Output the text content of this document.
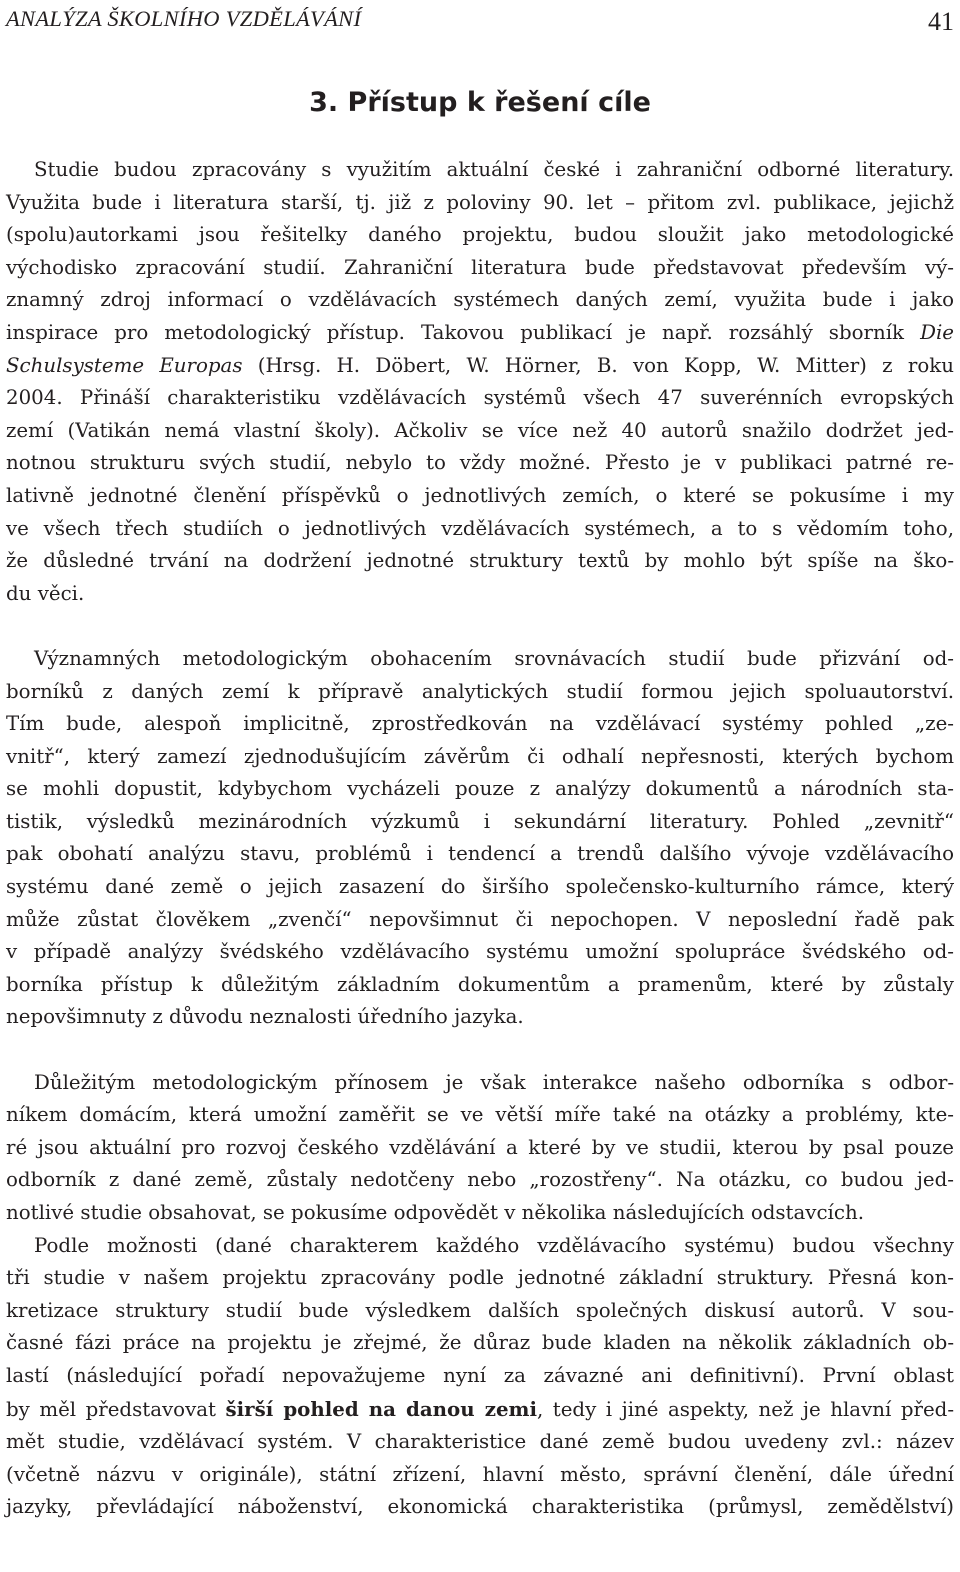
ANALÝZA ŠKOLNÍHO VZDĚLÁVÁNÍ	41
3. Přístup k řešení cíle

Studie budou zpracovány s využitím aktuální české i zahraniční odborné literatury.
Využita bude i literatura starší, tj. již z poloviny 90. let – přitom zvl. publikace, jejichž
(spolu)autorkami jsou řešitelky daného projektu, budou sloužit jako metodologické
východisko zpracování studií. Zahraniční literatura bude představovat především vý-
znamný zdroj informací o vzdělávacích systémech daných zemí, využita bude i jako
inspirace pro metodologický přístup. Takovou publikací je např. rozsáhlý sborník Die
Schulsysteme Europas (Hrsg. H. Döbert, W. Hörner, B. von Kopp, W. Mitter) z roku
2004. Přináší charakteristiku vzdělávacích systémů všech 47 suverénních evropských
zemí (Vatikán nemá vlastní školy). Ačkoliv se více než 40 autorů snažilo dodržet jed-
notnou strukturu svých studií, nebylo to vždy možné. Přesto je v publikaci patrné re-
lativně jednotné členění příspěvků o jednotlivých zemích, o které se pokusíme i my
ve všech třech studiích o jednotlivých vzdělávacích systémech, a to s vědomím toho,
že důsledné trvání na dodržení jednotné struktury textů by mohlo být spíše na ško-
du věci.

Významných metodologickým obohacením srovnávacích studií bude přizvání od-
borníků z daných zemí k přípravě analytických studií formou jejich spoluautorství.
Tím bude, alespoň implicitně, zprostředkován na vzdělávací systémy pohled „ze-
vnitř“, který zamezí zjednodušujícím závěrům či odhalí nepřesnosti, kterých bychom
se mohli dopustit, kdybychom vycházeli pouze z analýzy dokumentů a národních sta-
tistik, výsledků mezinárodních výzkumů i sekundární literatury. Pohled „zevnitř“
pak obohatí analýzu stavu, problémů i tendencí a trendů dalšího vývoje vzdělávacího
systému dané země o jejich zasazení do širšího společensko-kulturního rámce, který
může zůstat člověkem „zvenčí“ nepovšimnut či nepochopen. V neposlední řadě pak
v případě analýzy švédského vzdělávacího systému umožní spolupráce švédského od-
borníka přístup k důležitým základním dokumentům a pramenům, které by zůstaly
nepovšimnuty z důvodu neznalosti úředního jazyka.

Důležitým metodologickým přínosem je však interakce našeho odborníka s odbor-
níkem domácím, která umožní zaměřit se ve větší míře také na otázky a problémy, kte-
ré jsou aktuální pro rozvoj českého vzdělávání a které by ve studii, kterou by psal pouze
odborník z dané země, zůstaly nedotčeny nebo „rozostřeny“. Na otázku, co budou jed-
notlivé studie obsahovat, se pokusíme odpovědět v několika následujících odstavcích.

Podle možnosti (dané charakterem každého vzdělávacího systému) budou všechny
tři studie v našem projektu zpracovány podle jednotné základní struktury. Přesná kon-
kretizace struktury studií bude výsledkem dalších společných diskusí autorů. V sou-
časné fázi práce na projektu je zřejmé, že důraz bude kladen na několik základních ob-
lastí (následující pořadí nepovažujeme nyní za závazné ani definitivní). První oblast
by měl představovat širší pohled na danou zemi, tedy i jiné aspekty, než je hlavní před-
mět studie, vzdělávací systém. V charakteristice dané země budou uvedeny zvl.: název
(včetně názvu v originále), státní zřízení, hlavní město, správní členění, dále úřední
jazyky, převládající náboženství, ekonomická charakteristika (průmysl, zemědělství)
